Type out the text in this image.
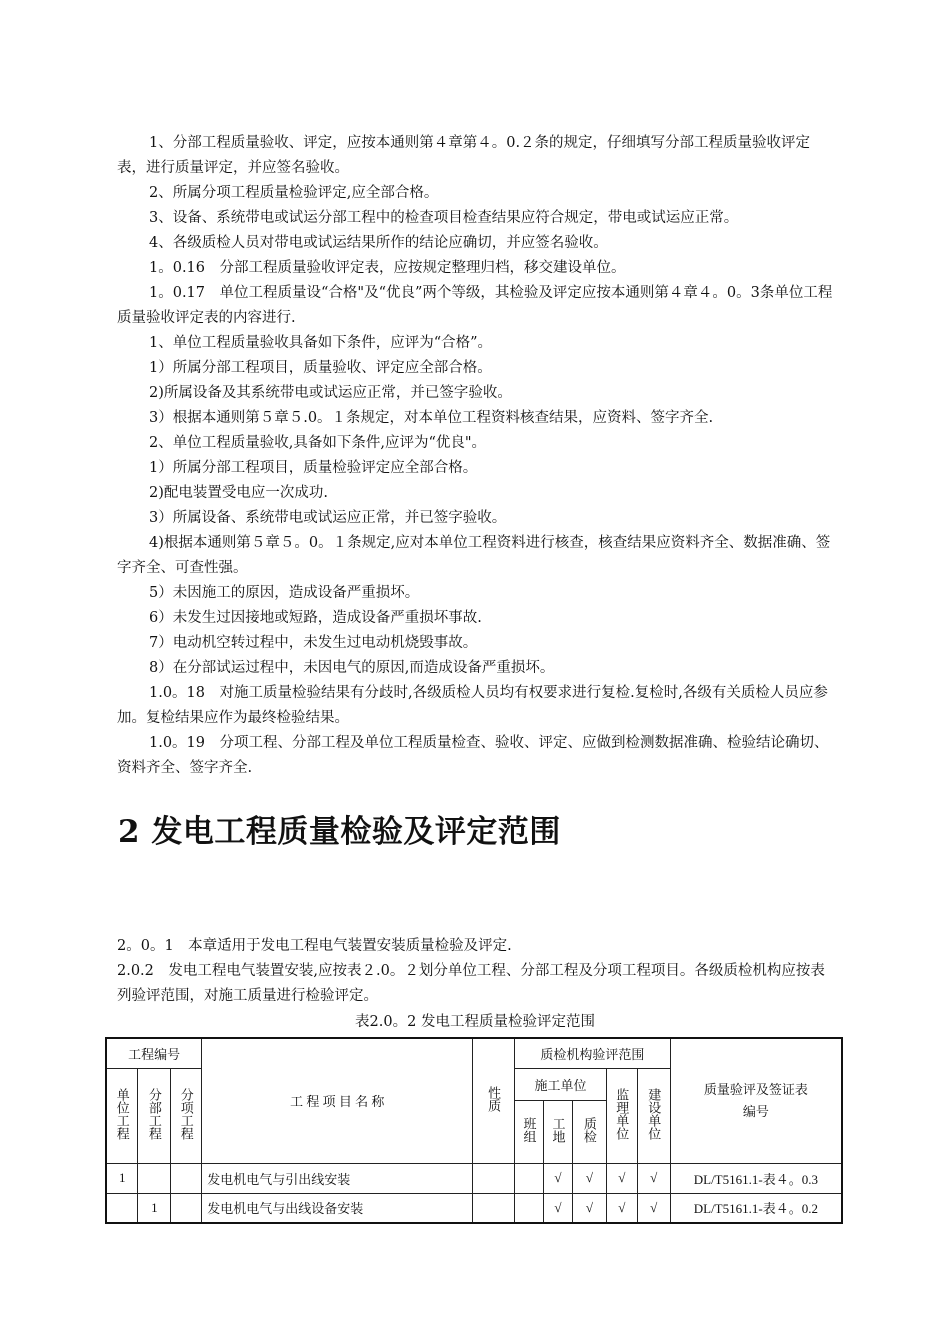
1、分部工程质量验收、评定，应按本通则第４章第４。0.２条的规定，仔细填写分部工程质量验收评定表，进行质量评定，并应签名验收。

2、所属分项工程质量检验评定,应全部合格。

3、设备、系统带电或试运分部工程中的检查项目检查结果应符合规定，带电或试运应正常。

4、各级质检人员对带电或试运结果所作的结论应确切，并应签名验收。

1。0.16　分部工程质量验收评定表，应按规定整理归档，移交建设单位。

1。0.17　单位工程质量设“合格"及“优良”两个等级，其检验及评定应按本通则第４章４。0。3条单位工程质量验收评定表的内容进行.

1、单位工程质量验收具备如下条件，应评为“合格”。

1）所属分部工程项目，质量验收、评定应全部合格。

2)所属设备及其系统带电或试运应正常，并已签字验收。

3）根据本通则第５章５.0。１条规定，对本单位工程资料核查结果，应资料、签字齐全.

2、单位工程质量验收,具备如下条件,应评为“优良"。

1）所属分部工程项目，质量检验评定应全部合格。

2)配电装置受电应一次成功.

3）所属设备、系统带电或试运应正常，并已签字验收。

4)根据本通则第５章５。0。１条规定,应对本单位工程资料进行核查，核查结果应资料齐全、数据准确、签字齐全、可查性强。

5）未因施工的原因，造成设备严重损坏。

6）未发生过因接地或短路，造成设备严重损坏事故.

7）电动机空转过程中，未发生过电动机烧毁事故。

8）在分部试运过程中，未因电气的原因,而造成设备严重损坏。

1.0。18　对施工质量检验结果有分歧时,各级质检人员均有权要求进行复检.复检时,各级有关质检人员应参加。复检结果应作为最终检验结果。

1.0。19　分项工程、分部工程及单位工程质量检查、验收、评定、应做到检测数据准确、检验结论确切、资料齐全、签字齐全.

2 发电工程质量检验及评定范围

2。0。1　本章适用于发电工程电气装置安装质量检验及评定.

2.0.2　发电工程电气装置安装,应按表２.0。２划分单位工程、分部工程及分项工程项目。各级质检机构应按表列验评范围，对施工质量进行检验评定。

表2.0。2 发电工程质量检验评定范围
工程编号			工 程 项 目 名 称	性质	质检机构验评范围					质量验评及签证表编号

单位工程	分部工程	分项工程			施工单位			监理单位	建设单位	
					班组	工地	质检			
1			发电机电气与引出线安装			√	√	√	√	DL/T5161.1-表４。0.3
	1		发电机电气与出线设备安装			√	√	√	√	DL/T5161.1-表４。0.2
